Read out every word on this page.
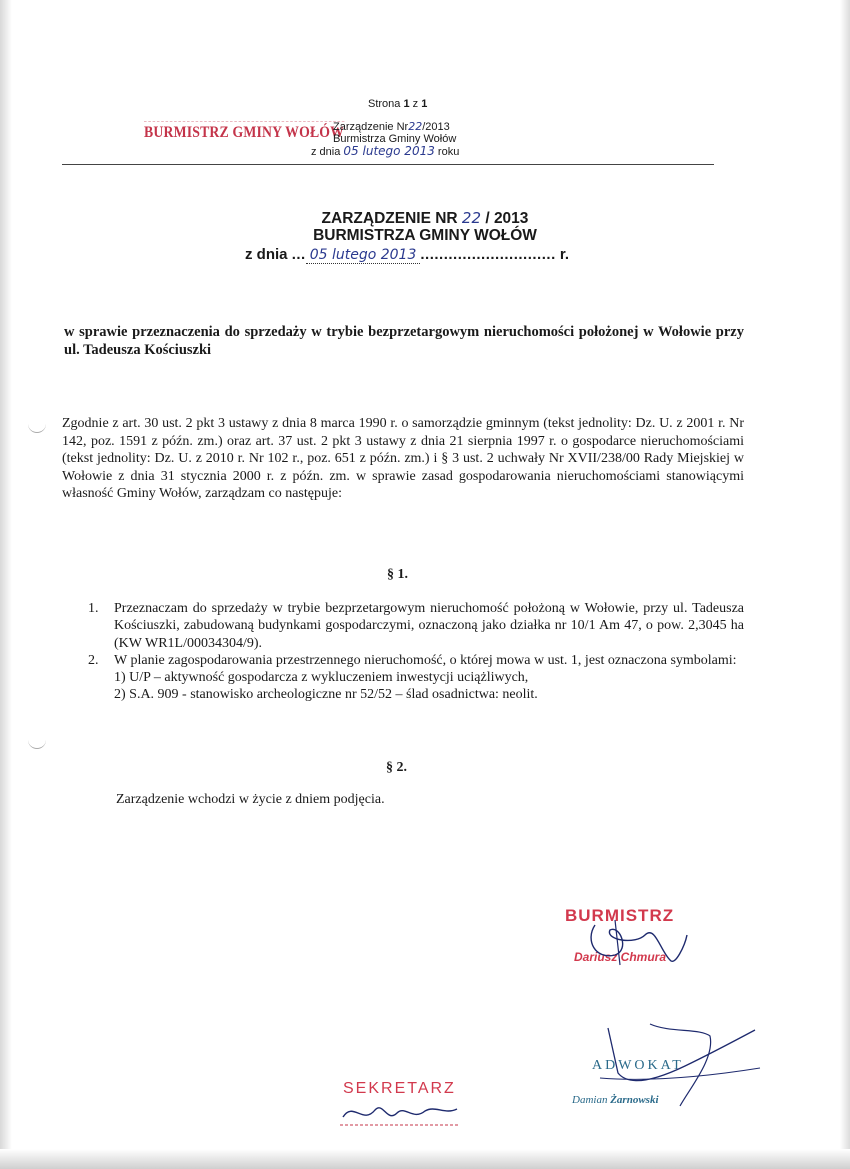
Strona 1 z 1
BURMISTRZ GMINY WOŁÓW
Zarządzenie Nr22/2013
Burmistrza Gminy Wołów
z dnia 05 lutego 2013 roku
ZARZĄDZENIE NR 22 / 2013
BURMISTRZA GMINY WOŁÓW
z dnia ... 05 lutego 2013 ............................. r.
w sprawie przeznaczenia do sprzedaży w trybie bezprzetargowym nieruchomości położonej w Wołowie przy ul. Tadeusza Kościuszki
Zgodnie z art. 30 ust. 2 pkt 3 ustawy z dnia 8 marca 1990 r. o samorządzie gminnym (tekst jednolity: Dz. U. z 2001 r. Nr 142, poz. 1591 z późn. zm.) oraz art. 37 ust. 2 pkt 3 ustawy z dnia 21 sierpnia 1997 r. o gospodarce nieruchomościami (tekst jednolity: Dz. U. z 2010 r. Nr 102 r., poz. 651 z późn. zm.) i § 3 ust. 2 uchwały Nr XVII/238/00 Rady Miejskiej w Wołowie z dnia 31 stycznia 2000 r. z późn. zm. w sprawie zasad gospodarowania nieruchomościami stanowiącymi własność Gminy Wołów, zarządzam co następuje:
§ 1.
1.	Przeznaczam do sprzedaży w trybie bezprzetargowym nieruchomość położoną w Wołowie, przy ul. Tadeusza Kościuszki, zabudowaną budynkami gospodarczymi, oznaczoną jako działka nr 10/1 Am 47, o pow. 2,3045 ha (KW WR1L/00034304/9).
2.	W planie zagospodarowania przestrzennego nieruchomość, o której mowa w ust. 1, jest oznaczona symbolami:
1) U/P – aktywność gospodarcza z wykluczeniem inwestycji uciążliwych,
2) S.A. 909 - stanowisko archeologiczne nr 52/52 – ślad osadnictwa: neolit.
§ 2.
Zarządzenie wchodzi w życie z dniem podjęcia.
BURMISTRZ
Dariusz Chmura
ADWOKAT
Damian Żarnowski
SEKRETARZ
